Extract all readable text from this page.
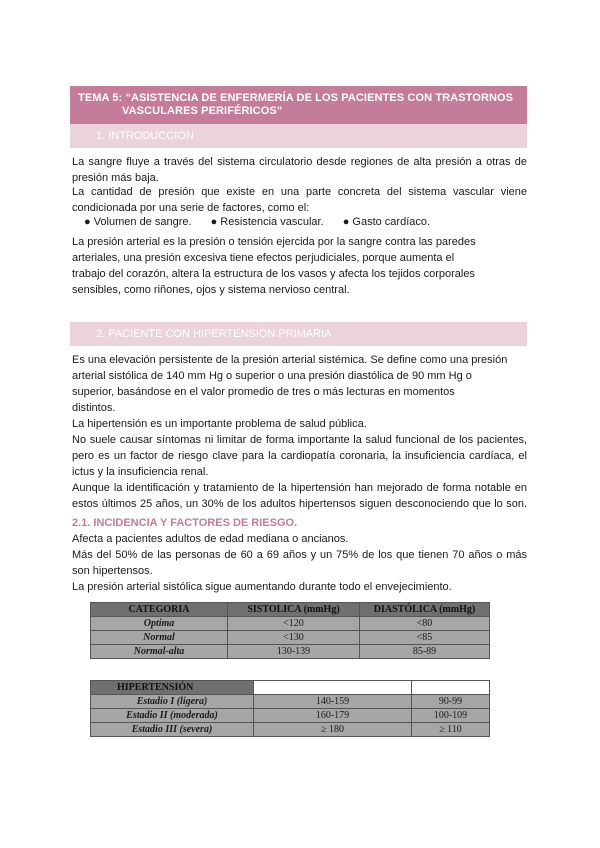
TEMA 5: “ASISTENCIA DE ENFERMERÍA DE LOS PACIENTES CON TRASTORNOS
VASCULARES PERIFÉRICOS”
1. INTRODUCCIÓN
La sangre fluye a través del sistema circulatorio desde regiones de alta presión a otras de
presión más baja.
La cantidad de presión que existe en una parte concreta del sistema vascular viene
condicionada por una serie de factores, como el:
● Volumen de sangre. ● Resistencia vascular. ● Gasto cardíaco.
La presión arterial es la presión o tensión ejercida por la sangre contra las paredes
arteriales, una presión excesiva tiene efectos perjudiciales, porque aumenta el
trabajo del corazón, altera la estructura de los vasos y afecta los tejidos corporales
sensibles, como riñones, ojos y sistema nervioso central.
2. PACIENTE CON HIPERTENSIÓN PRIMARIA
Es una elevación persistente de la presión arterial sistémica. Se define como una presión
arterial sistólica de 140 mm Hg o superior o una presión diastólica de 90 mm Hg o
superior, basándose en el valor promedio de tres o más lecturas en momentos
distintos.
La hipertensión es un importante problema de salud pública.
No suele causar síntomas ni limitar de forma importante la salud funcional de los pacientes,
pero es un factor de riesgo clave para la cardiopatía coronaria, la insuficiencia cardíaca, el
ictus y la insuficiencia renal.
Aunque la identificación y tratamiento de la hipertensión han mejorado de forma notable en
estos últimos 25 años, un 30% de los adultos hipertensos siguen desconociendo que lo son.
2.1. INCIDENCIA Y FACTORES DE RIESGO.
Afecta a pacientes adultos de edad mediana o ancianos.
Más del 50% de las personas de 60 a 69 años y un 75% de los que tienen 70 años o más
son hipertensos.
La presión arterial sistólica sigue aumentando durante todo el envejecimiento.
CATEGORIA	SISTOLICA (mmHg)	DIASTÓLICA (mmHg)
Optima	<120	<80
Normal	<130	<85
Normal-alta	130-139	85-89
HIPERTENSIÓN		
Estadio I (ligera)	140-159	90-99
Estadio II (moderada)	160-179	100-109
Estadio III (severa)	≥ 180	≥ 110
